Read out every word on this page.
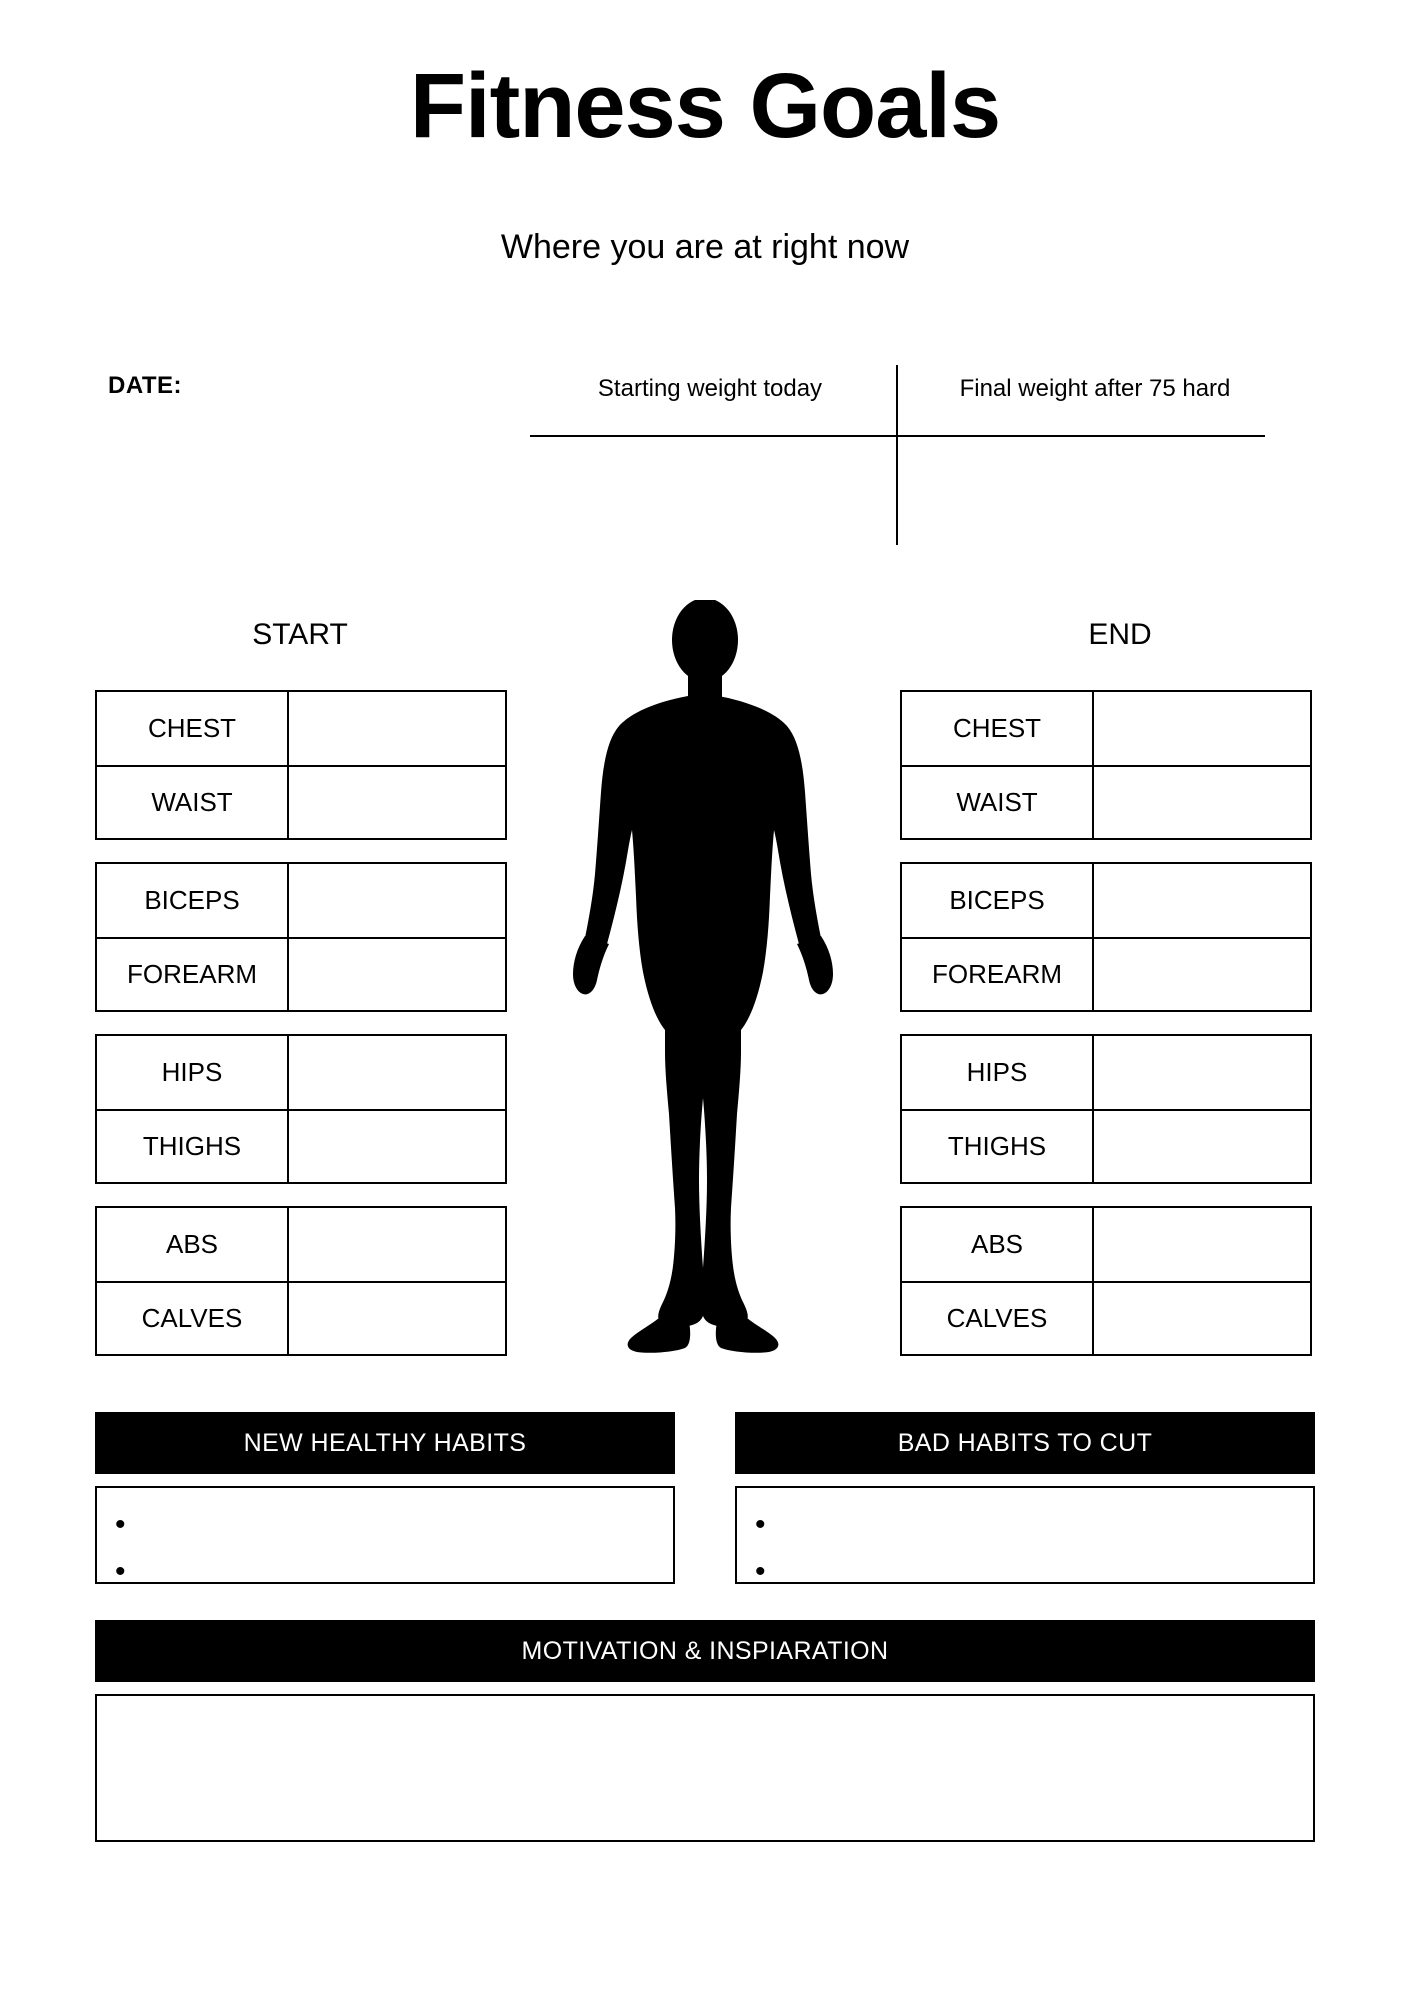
Fitness Goals
Where you are at right now
DATE:	Starting weight today	Final weight after 75 hard
START	END
CHEST
WAIST
BICEPS
FOREARM
HIPS
THIGHS
ABS
CALVES
CHEST
WAIST
BICEPS
FOREARM
HIPS
THIGHS
ABS
CALVES
NEW HEALTHY HABITS
•
•
BAD HABITS TO CUT
•
•
MOTIVATION & INSPIARATION
